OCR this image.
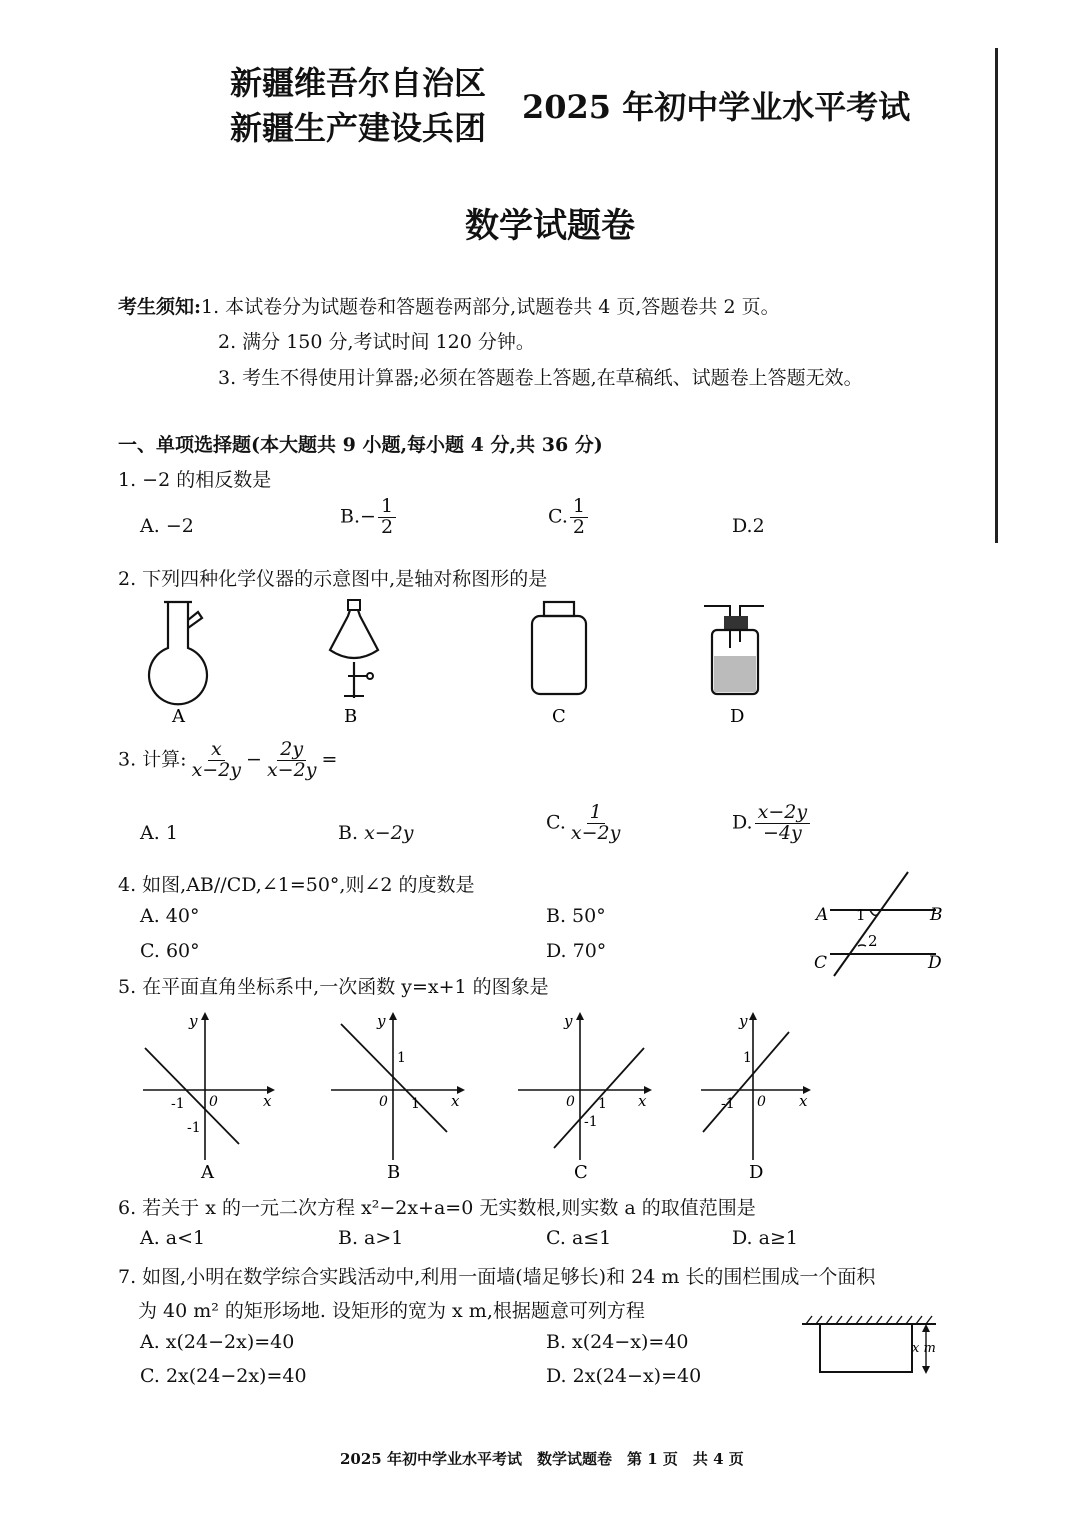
新疆维吾尔自治区
新疆生产建设兵团
2025 年初中学业水平考试
数学试题卷
考生须知:1. 本试卷分为试题卷和答题卷两部分,试题卷共 4 页,答题卷共 2 页。
2. 满分 150 分,考试时间 120 分钟。
3. 考生不得使用计算器;必须在答题卷上答题,在草稿纸、试题卷上答题无效。
一、单项选择题(本大题共 9 小题,每小题 4 分,共 36 分)
1. −2 的相反数是
A. −2	$B.- \frac{1}{2}$	C. $\frac{1}{2}$	D.2
2. 下列四种化学仪器的示意图中,是轴对称图形的是
A	B	C	D
3. 计算: $\frac{x}{x-2y} - \frac{2y}{x-2y}$ =
A. 1	B. x−2y	C. $\frac{1}{x-2y}$	D. $\frac{x-2y}{-4y}$
4. 如图,AB//CD,∠1=50°,则∠2 的度数是
A. 40°	B. 50°
C. 60°	D. 70°
A	B
C	D
1
2
5. 在平面直角坐标系中,一次函数 y=x+1 的图象是
y
x
-1 0
-1
A
y
x
1
0 1
B
y
x
0 1
-1
C
y
x
1
-1 0
D
6. 若关于 x 的一元二次方程 x²−2x+a=0 无实数根,则实数 a 的取值范围是
A. a<1	B. a>1	C. a≤1	D. a≥1
7. 如图,小明在数学综合实践活动中,利用一面墙(墙足够长)和 24 m 长的围栏围成一个面积
为 40 m² 的矩形场地. 设矩形的宽为 x m,根据题意可列方程
A. x(24−2x)=40	B. x(24−x)=40
C. 2x(24−2x)=40	D. 2x(24−x)=40
x m
2025 年初中学业水平考试　数学试题卷　第 1 页　共 4 页
